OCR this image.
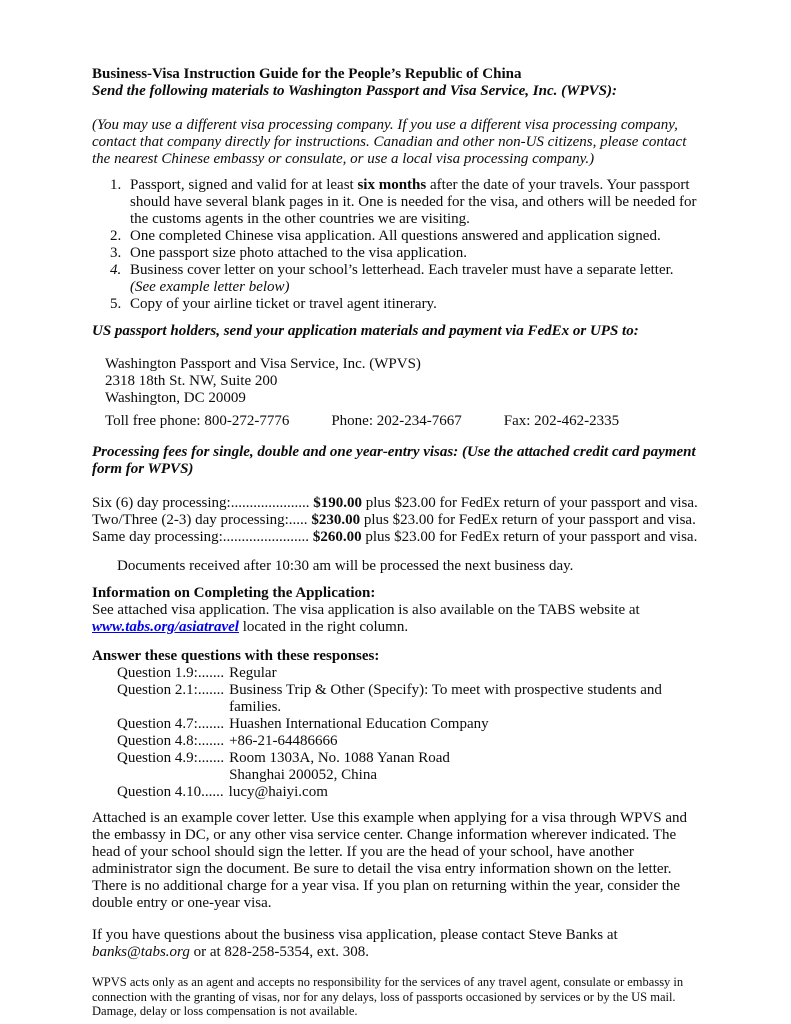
Business-Visa Instruction Guide for the People’s Republic of China

Send the following materials to Washington Passport and Visa Service, Inc. (WPVS):

(You may use a different visa processing company. If you use a different visa processing company, contact that company directly for instructions. Canadian and other non-US citizens, please contact the nearest Chinese embassy or consulate, or use a local visa processing company.)

1. Passport, signed and valid for at least six months after the date of your travels. Your passport should have several blank pages in it. One is needed for the visa, and others will be needed for the customs agents in the other countries we are visiting.
2. One completed Chinese visa application. All questions answered and application signed.
3. One passport size photo attached to the visa application.
4. Business cover letter on your school’s letterhead. Each traveler must have a separate letter. (See example letter below)
5. Copy of your airline ticket or travel agent itinerary.

US passport holders, send your application materials and payment via FedEx or UPS to:

Washington Passport and Visa Service, Inc. (WPVS)

2318 18th St. NW, Suite 200

Washington, DC 20009

Toll free phone: 800-272-7776	Phone: 202-234-7667	Fax: 202-462-2335

Processing fees for single, double and one year-entry visas: (Use the attached credit card payment form for WPVS)

Six (6) day processing:..................... $190.00 plus $23.00 for FedEx return of your passport and visa.

Two/Three (2-3) day processing:..... $230.00 plus $23.00 for FedEx return of your passport and visa.

Same day processing:....................... $260.00 plus $23.00 for FedEx return of your passport and visa.

Documents received after 10:30 am will be processed the next business day.

Information on Completing the Application:

See attached visa application. The visa application is also available on the TABS website at
www.tabs.org/asiatravel located in the right column.

Answer these questions with these responses:

Question 1.9:....... Regular
Question 2.1:....... Business Trip & Other (Specify): To meet with prospective students and families.
Question 4.7:....... Huashen International Education Company
Question 4.8:....... +86-21-64486666
Question 4.9:....... Room 1303A, No. 1088 Yanan Road
Shanghai 200052, China
Question 4.10...... lucy@haiyi.com

Attached is an example cover letter. Use this example when applying for a visa through WPVS and the embassy in DC, or any other visa service center. Change information wherever indicated. The head of your school should sign the letter. If you are the head of your school, have another administrator sign the document. Be sure to detail the visa entry information shown on the letter. There is no additional charge for a year visa. If you plan on returning within the year, consider the double entry or one-year visa.

If you have questions about the business visa application, please contact Steve Banks at
banks@tabs.org or at 828-258-5354, ext. 308.

WPVS acts only as an agent and accepts no responsibility for the services of any travel agent, consulate or embassy in connection with the granting of visas, nor for any delays, loss of passports occasioned by services or by the US mail. Damage, delay or loss compensation is not available.
